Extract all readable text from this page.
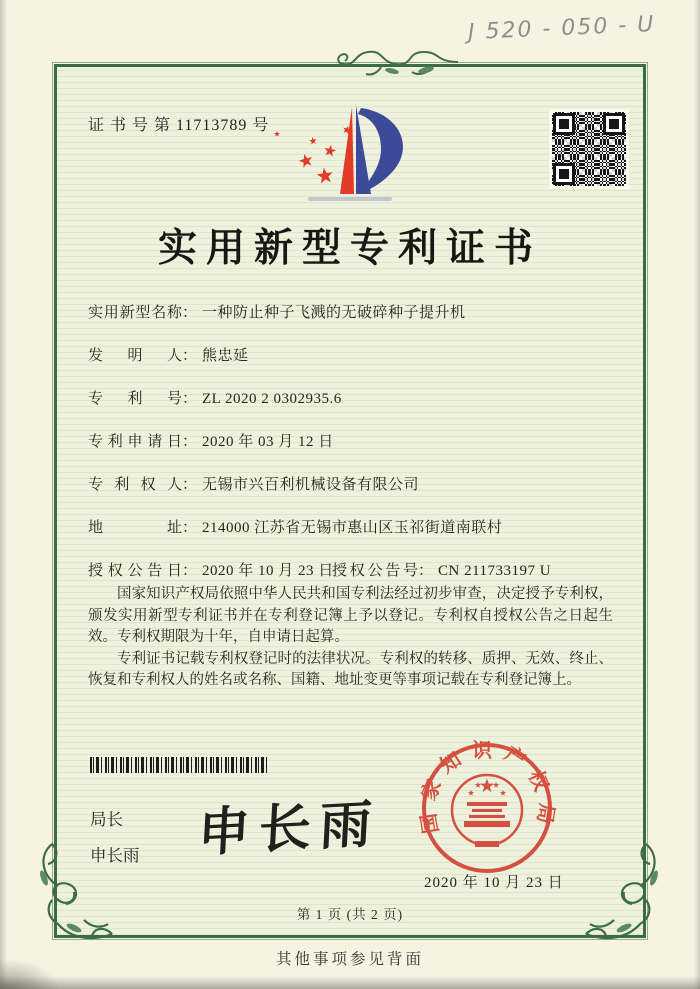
J 520 - 050 - U
证 书 号 第 11713789 号
实用新型专利证书
实用新型名称： 一种防止种子飞溅的无破碎种子提升机
发明人： 熊忠延
专利号： ZL 2020 2 0302935.6
专利申请日： 2020 年 03 月 12 日
专利权人： 无锡市兴百利机械设备有限公司
地址： 214000 江苏省无锡市惠山区玉祁街道南联村
授权公告日： 2020 年 10 月 23 日
授权公告号： CN 211733197 U

国家知识产权局依照中华人民共和国专利法经过初步审查，决定授予专利权，颁发实用新型专利证书并在专利登记簿上予以登记。专利权自授权公告之日起生效。专利权期限为十年，自申请日起算。

专利证书记载专利权登记时的法律状况。专利权的转移、质押、无效、终止、恢复和专利权人的姓名或名称、国籍、地址变更等事项记载在专利登记簿上。

局长
申长雨 申长雨 国家知识产权局
2020 年 10 月 23 日
第 1 页 (共 2 页)
其他事项参见背面
